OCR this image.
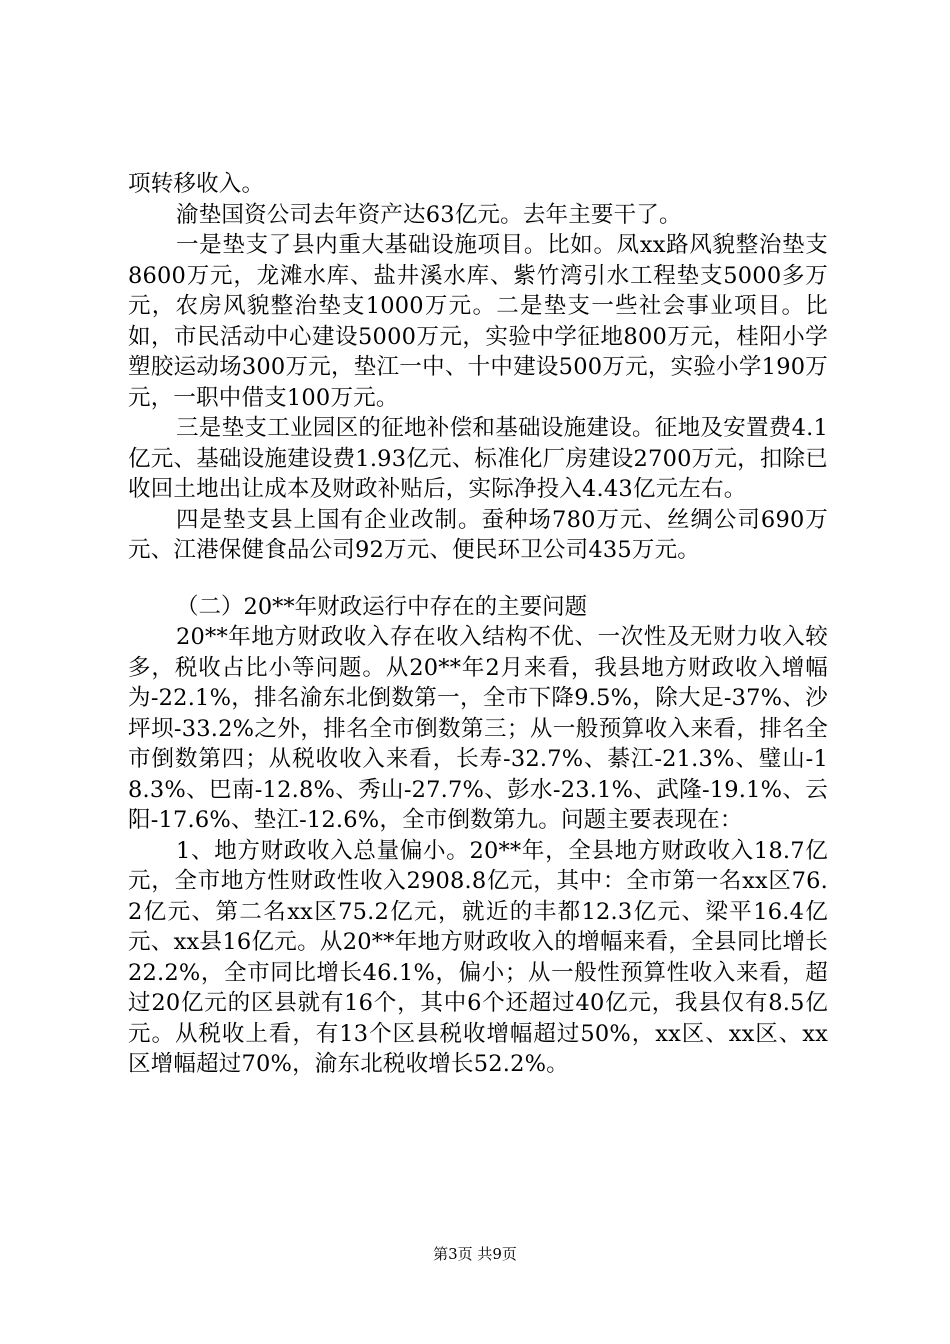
项转移收入。

渝垫国资公司去年资产达63亿元。去年主要干了。

一是垫支了县内重大基础设施项目。比如。凤xx路风貌整治垫支8600万元，龙滩水库、盐井溪水库、紫竹湾引水工程垫支5000多万元，农房风貌整治垫支1000万元。二是垫支一些社会事业项目。比如，市民活动中心建设5000万元，实验中学征地800万元，桂阳小学塑胶运动场300万元，垫江一中、十中建设500万元，实验小学190万元，一职中借支100万元。

三是垫支工业园区的征地补偿和基础设施建设。征地及安置费4.1亿元、基础设施建设费1.93亿元、标准化厂房建设2700万元，扣除已收回土地出让成本及财政补贴后，实际净投入4.43亿元左右。

四是垫支县上国有企业改制。蚕种场780万元、丝绸公司690万元、江港保健食品公司92万元、便民环卫公司435万元。

（二）20**年财政运行中存在的主要问题

20**年地方财政收入存在收入结构不优、一次性及无财力收入较多，税收占比小等问题。从20**年2月来看，我县地方财政收入增幅为-22.1%，排名渝东北倒数第一，全市下降9.5%，除大足-37%、沙坪坝-33.2%之外，排名全市倒数第三；从一般预算收入来看，排名全市倒数第四；从税收收入来看，长寿-32.7%、綦江-21.3%、璧山-18.3%、巴南-12.8%、秀山-27.7%、彭水-23.1%、武隆-19.1%、云阳-17.6%、垫江-12.6%，全市倒数第九。问题主要表现在：

1、地方财政收入总量偏小。20**年，全县地方财政收入18.7亿元，全市地方性财政性收入2908.8亿元，其中：全市第一名xx区76.2亿元、第二名xx区75.2亿元，就近的丰都12.3亿元、梁平16.4亿元、xx县16亿元。从20**年地方财政收入的增幅来看，全县同比增长22.2%，全市同比增长46.1%，偏小；从一般性预算性收入来看，超过20亿元的区县就有16个，其中6个还超过40亿元，我县仅有8.5亿元。从税收上看，有13个区县税收增幅超过50%，xx区、xx区、xx区增幅超过70%，渝东北税收增长52.2%。

第3页 共9页
